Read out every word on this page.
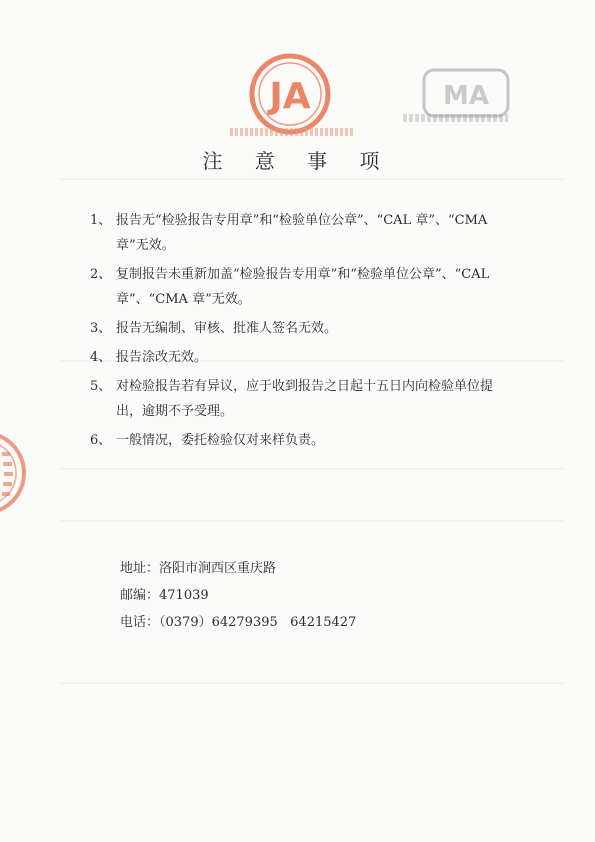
JA	MA
注 意 事 项
1、 报告无“检验报告专用章”和“检验单位公章”、“CAL 章”、“CMA
章”无效。
2、 复制报告未重新加盖“检验报告专用章”和“检验单位公章”、“CAL
章”、“CMA 章”无效。
3、 报告无编制、审核、批准人签名无效。
4、 报告涂改无效。
5、 对检验报告若有异议，应于收到报告之日起十五日内向检验单位提
出，逾期不予受理。
6、 一般情况，委托检验仅对来样负责。
地址：洛阳市涧西区重庆路
邮编：471039
电话：（0379）64279395   64215427
